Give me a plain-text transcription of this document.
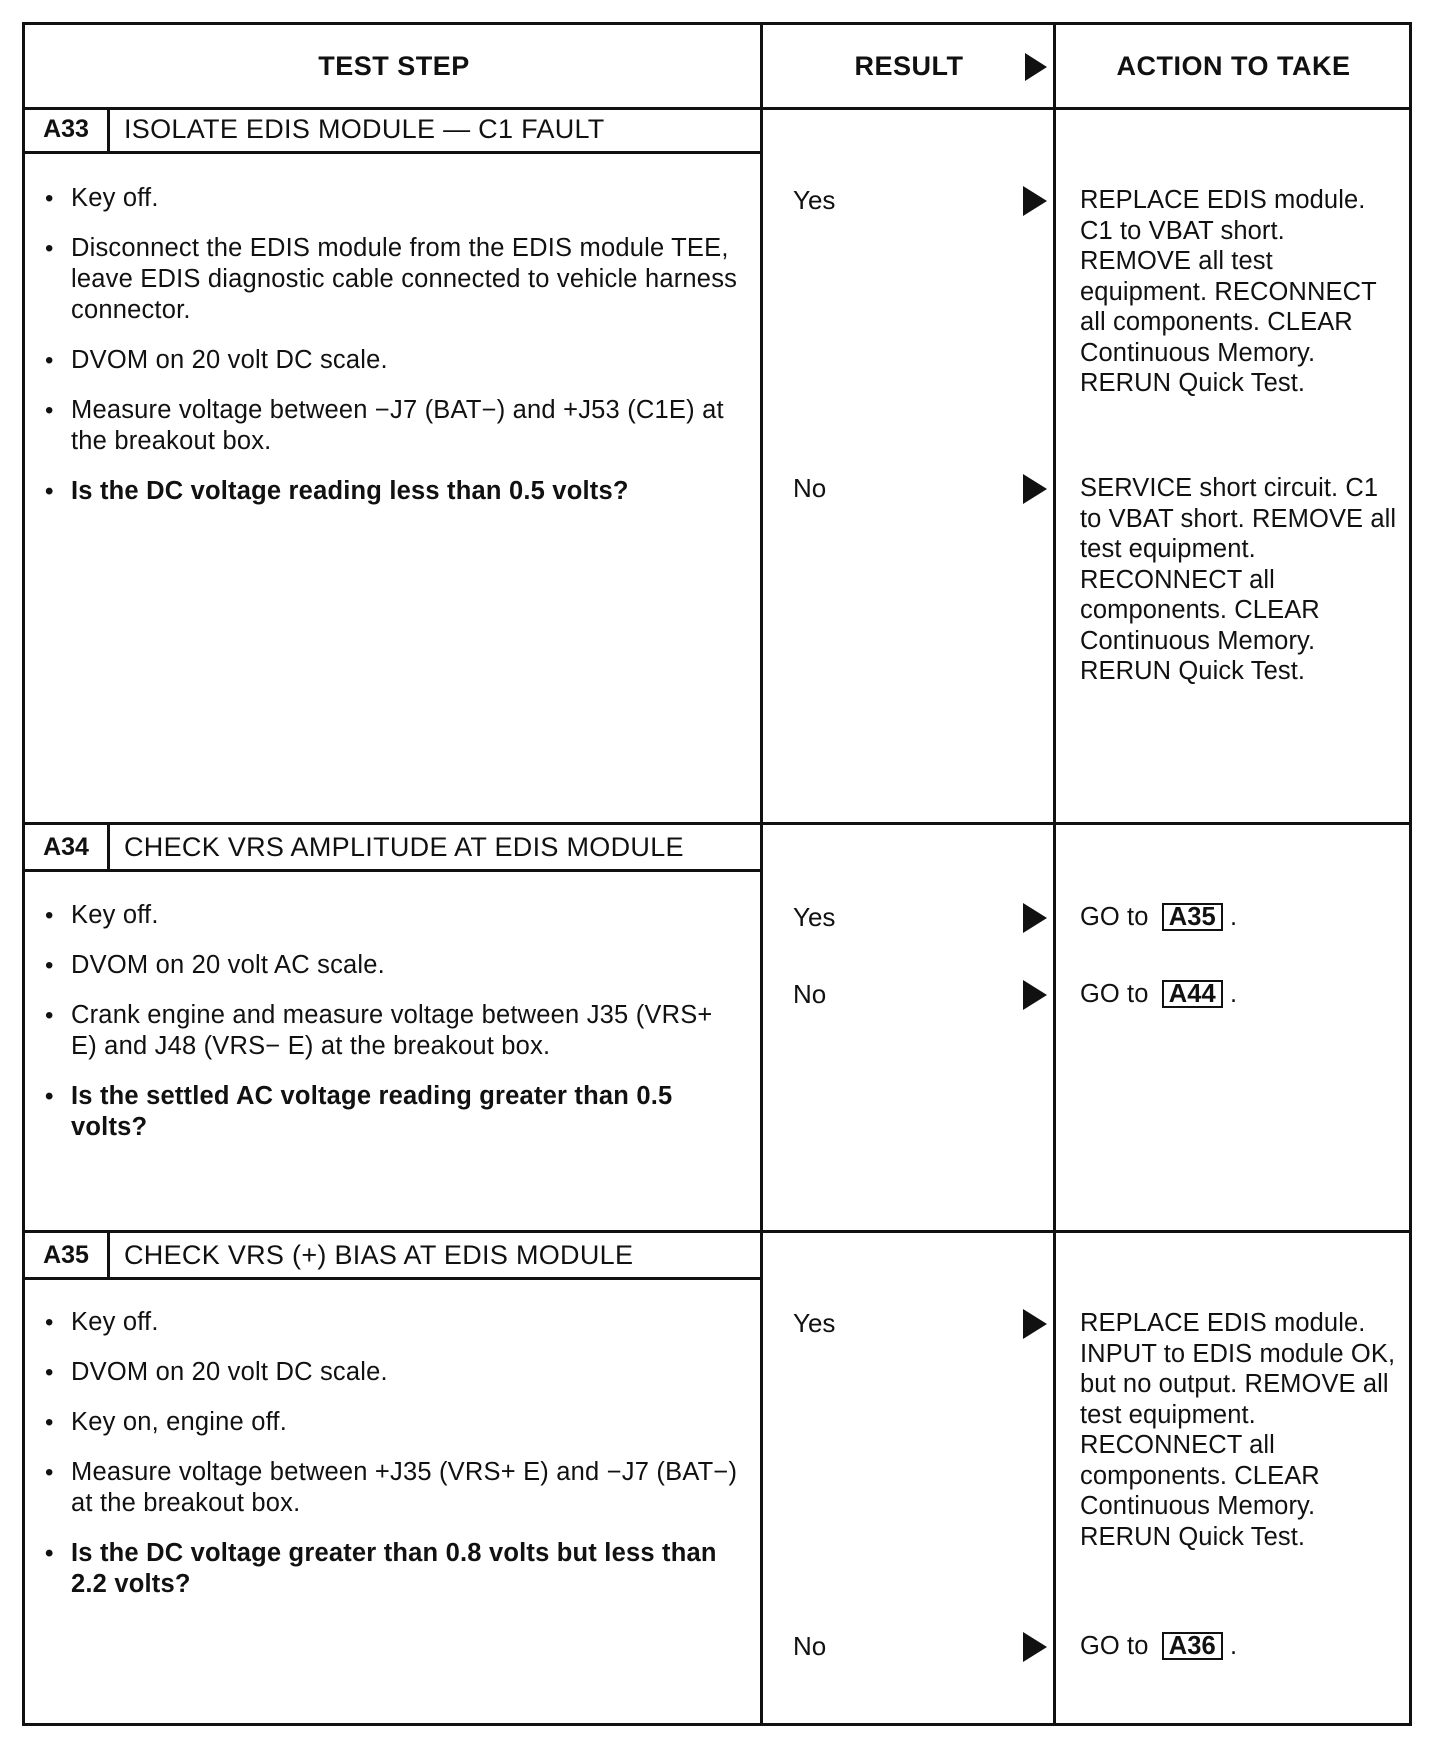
TEST STEP	RESULT	ACTION TO TAKE
A33	ISOLATE EDIS MODULE — C1 FAULT
• Key off.
• Disconnect the EDIS module from the EDIS module TEE, leave EDIS diagnostic cable connected to vehicle harness connector.
• DVOM on 20 volt DC scale.
• Measure voltage between −J7 (BAT−) and +J53 (C1E) at the breakout box.
• Is the DC voltage reading less than 0.5 volts?
Yes	REPLACE EDIS module. C1 to VBAT short. REMOVE all test equipment. RECONNECT all components. CLEAR Continuous Memory. RERUN Quick Test.
No	SERVICE short circuit. C1 to VBAT short. REMOVE all test equipment. RECONNECT all components. CLEAR Continuous Memory. RERUN Quick Test.
A34	CHECK VRS AMPLITUDE AT EDIS MODULE
• Key off.
• DVOM on 20 volt AC scale.
• Crank engine and measure voltage between J35 (VRS+ E) and J48 (VRS− E) at the breakout box.
• Is the settled AC voltage reading greater than 0.5 volts?
Yes	GO to A35 .
No	GO to A44 .
A35	CHECK VRS (+) BIAS AT EDIS MODULE
• Key off.
• DVOM on 20 volt DC scale.
• Key on, engine off.
• Measure voltage between +J35 (VRS+ E) and −J7 (BAT−) at the breakout box.
• Is the DC voltage greater than 0.8 volts but less than 2.2 volts?
Yes	REPLACE EDIS module. INPUT to EDIS module OK, but no output. REMOVE all test equipment. RECONNECT all components. CLEAR Continuous Memory. RERUN Quick Test.
No	GO to A36 .
